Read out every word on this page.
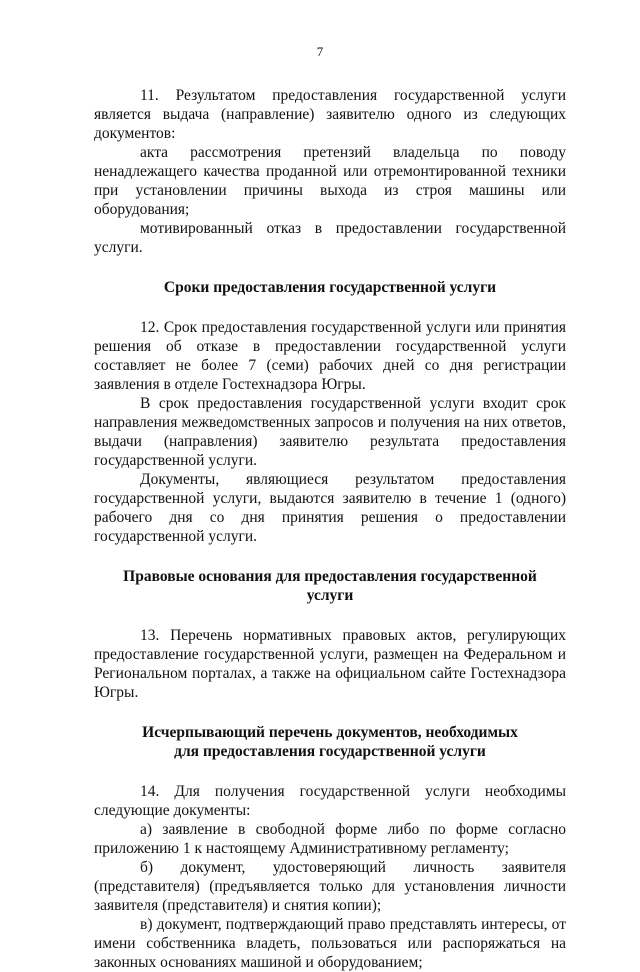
7

11. Результатом предоставления государственной услуги является выдача (направление) заявителю одного из следующих документов:

акта рассмотрения претензий владельца по поводу ненадлежащего качества проданной или отремонтированной техники при установлении причины выхода из строя машины или оборудования;

мотивированный отказ в предоставлении государственной услуги.

Сроки предоставления государственной услуги

12. Срок предоставления государственной услуги или принятия решения об отказе в предоставлении государственной услуги составляет не более 7 (семи) рабочих дней со дня регистрации заявления в отделе Гостехнадзора Югры.

В срок предоставления государственной услуги входит срок направления межведомственных запросов и получения на них ответов, выдачи (направления) заявителю результата предоставления государственной услуги.

Документы, являющиеся результатом предоставления государственной услуги, выдаются заявителю в течение 1 (одного) рабочего дня со дня принятия решения о предоставлении государственной услуги.

Правовые основания для предоставления государственной услуги

13. Перечень нормативных правовых актов, регулирующих предоставление государственной услуги, размещен на Федеральном и Региональном порталах, а также на официальном сайте Гостехнадзора Югры.

Исчерпывающий перечень документов, необходимых для предоставления государственной услуги

14. Для получения государственной услуги необходимы следующие документы:

а) заявление в свободной форме либо по форме согласно приложению 1 к настоящему Административному регламенту;

б) документ, удостоверяющий личность заявителя (представителя) (предъявляется только для установления личности заявителя (представителя) и снятия копии);

в) документ, подтверждающий право представлять интересы, от имени собственника владеть, пользоваться или распоряжаться на законных основаниях машиной и оборудованием;
